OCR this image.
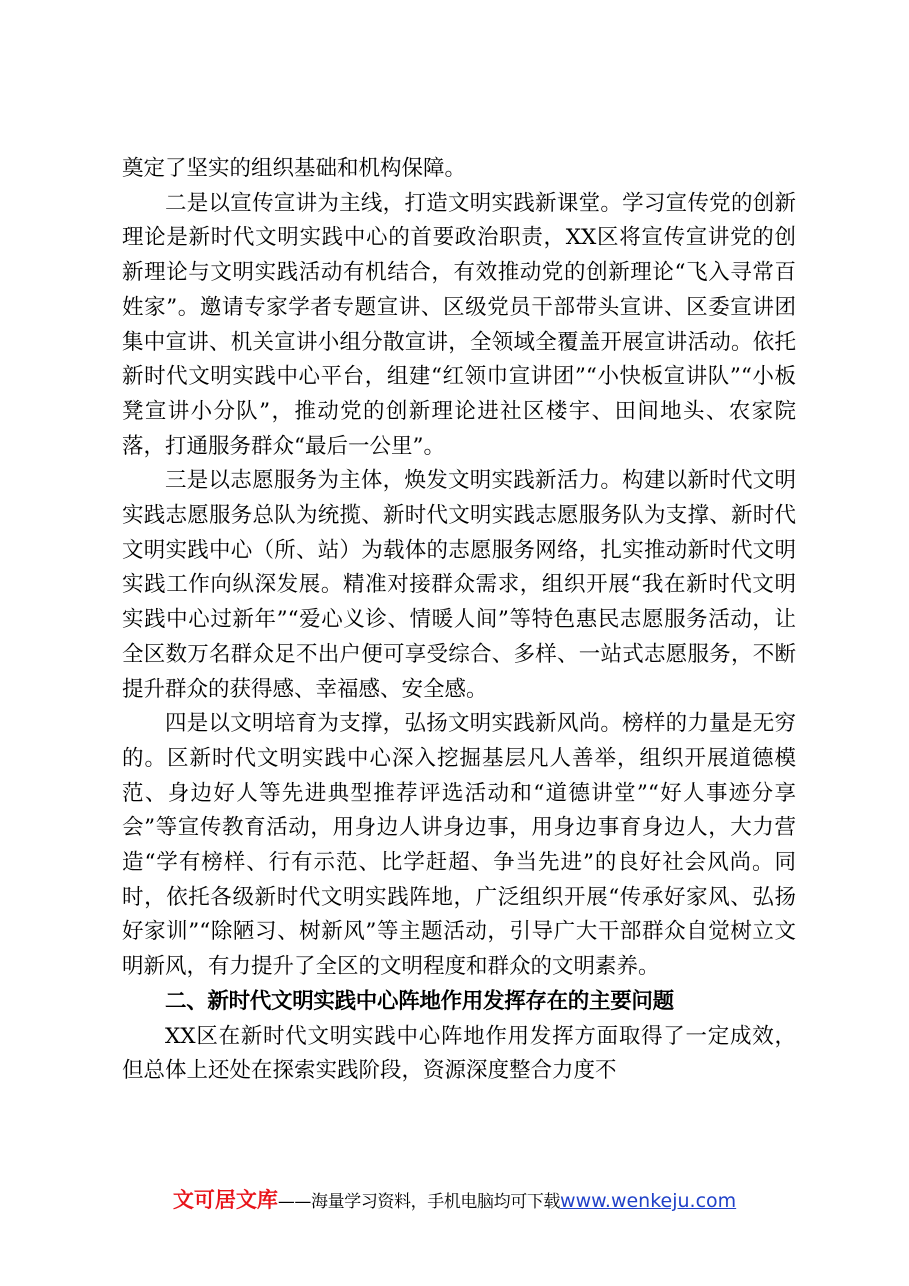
奠定了坚实的组织基础和机构保障。

二是以宣传宣讲为主线，打造文明实践新课堂。学习宣传党的创新理论是新时代文明实践中心的首要政治职责，XX区将宣传宣讲党的创新理论与文明实践活动有机结合，有效推动党的创新理论“飞入寻常百姓家”。邀请专家学者专题宣讲、区级党员干部带头宣讲、区委宣讲团集中宣讲、机关宣讲小组分散宣讲，全领域全覆盖开展宣讲活动。依托新时代文明实践中心平台，组建“红领巾宣讲团”“小快板宣讲队”“小板凳宣讲小分队”，推动党的创新理论进社区楼宇、田间地头、农家院落，打通服务群众“最后一公里”。

三是以志愿服务为主体，焕发文明实践新活力。构建以新时代文明实践志愿服务总队为统揽、新时代文明实践志愿服务队为支撑、新时代文明实践中心（所、站）为载体的志愿服务网络，扎实推动新时代文明实践工作向纵深发展。精准对接群众需求，组织开展“我在新时代文明实践中心过新年”“爱心义诊、情暖人间”等特色惠民志愿服务活动，让全区数万名群众足不出户便可享受综合、多样、一站式志愿服务，不断提升群众的获得感、幸福感、安全感。

四是以文明培育为支撑，弘扬文明实践新风尚。榜样的力量是无穷的。区新时代文明实践中心深入挖掘基层凡人善举，组织开展道德模范、身边好人等先进典型推荐评选活动和“道德讲堂”“好人事迹分享会”等宣传教育活动，用身边人讲身边事，用身边事育身边人，大力营造“学有榜样、行有示范、比学赶超、争当先进”的良好社会风尚。同时，依托各级新时代文明实践阵地，广泛组织开展“传承好家风、弘扬好家训”“除陋习、树新风”等主题活动，引导广大干部群众自觉树立文明新风，有力提升了全区的文明程度和群众的文明素养。

二、新时代文明实践中心阵地作用发挥存在的主要问题

XX区在新时代文明实践中心阵地作用发挥方面取得了一定成效，但总体上还处在探索实践阶段，资源深度整合力度不

文可居文库——海量学习资料，手机电脑均可下载www.wenkeju.com
